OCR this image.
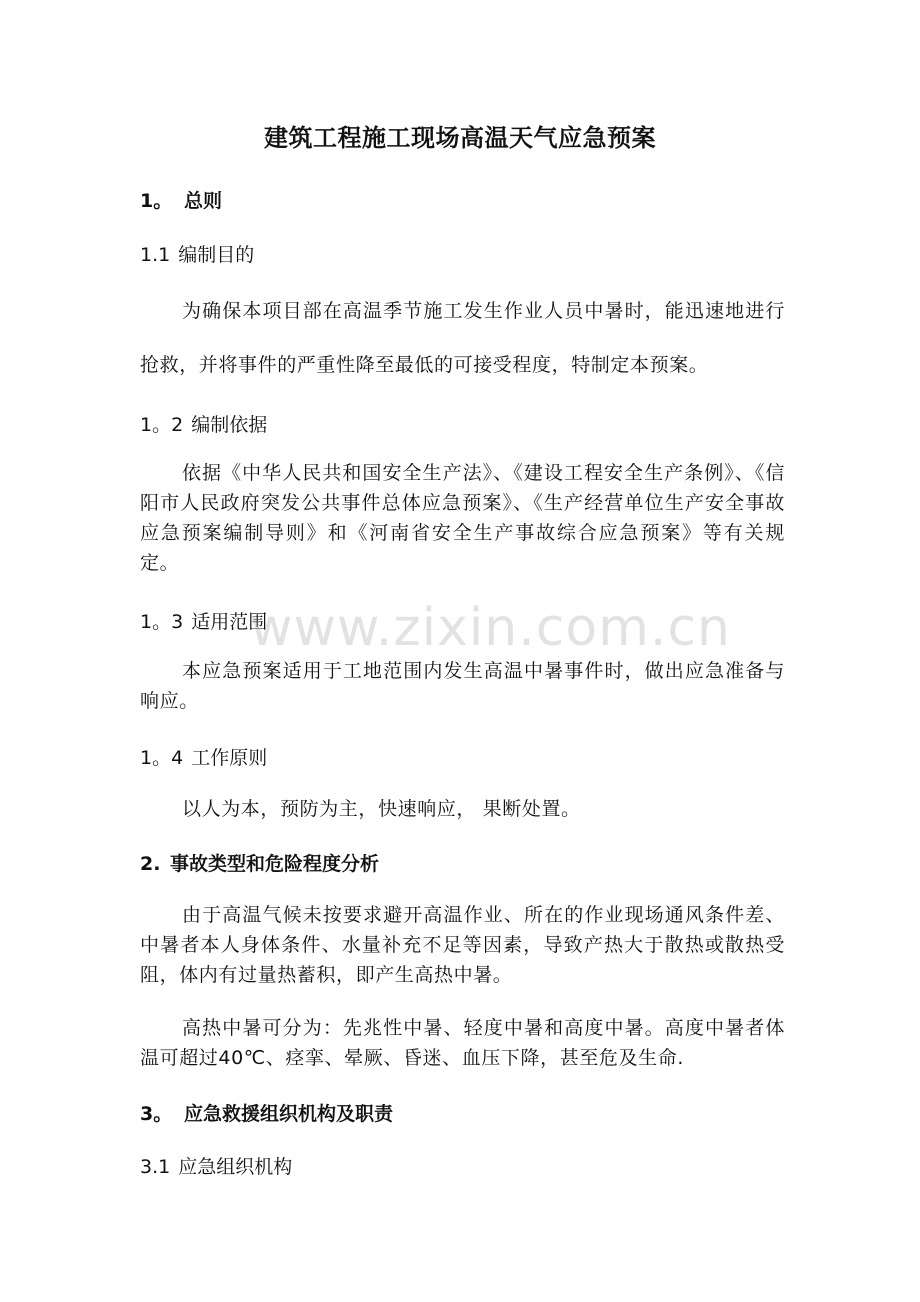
建筑工程施工现场高温天气应急预案
1。 总则
1.1 编制目的
为确保本项目部在高温季节施工发生作业人员中暑时，能迅速地进行抢救，并将事件的严重性降至最低的可接受程度，特制定本预案。
1。2 编制依据
依据《中华人民共和国安全生产法》、《建设工程安全生产条例》、《信阳市人民政府突发公共事件总体应急预案》、《生产经营单位生产安全事故应急预案编制导则》和《河南省安全生产事故综合应急预案》等有关规定。
1。3 适用范围
本应急预案适用于工地范围内发生高温中暑事件时，做出应急准备与响应。
1。4 工作原则
以人为本，预防为主，快速响应， 果断处置。
2. 事故类型和危险程度分析
由于高温气候未按要求避开高温作业、所在的作业现场通风条件差、中暑者本人身体条件、水量补充不足等因素，导致产热大于散热或散热受阻，体内有过量热蓄积，即产生高热中暑。
高热中暑可分为：先兆性中暑、轻度中暑和高度中暑。高度中暑者体温可超过40℃、痉挛、晕厥、昏迷、血压下降，甚至危及生命.
3。 应急救援组织机构及职责
3.1 应急组织机构
www.zixin.com.cn
